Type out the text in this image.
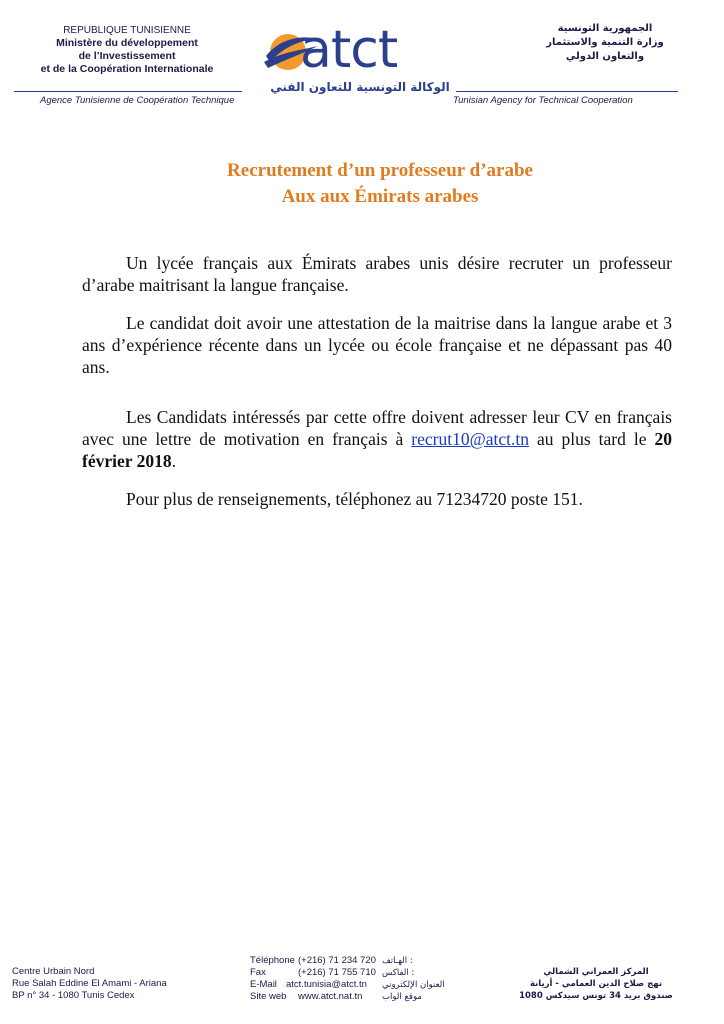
REPUBLIQUE TUNISIENNE
Ministère du développement
de l’Investissement
et de la Coopération Internationale
الجمهورية التونسية
وزارة التنمية والاستثمار
والتعاون الدولي
atct
الوكالة التونسية للتعاون الفني
Agence Tunisienne de Coopération Technique	Tunisian Agency for Technical Cooperation
Recrutement d’un professeur d’arabe
Aux aux Émirats arabes

Un lycée français aux Émirats arabes unis désire recruter un professeur d’arabe maitrisant la langue française.

Le candidat doit avoir une attestation de la maitrise dans la langue arabe et 3 ans d’expérience récente dans un lycée ou école française et ne dépassant pas 40 ans.

Les Candidats intéressés par cette offre doivent adresser leur CV en français avec une lettre de motivation en français à recrut10@atct.tn au plus tard le 20 février 2018.

Pour plus de renseignements, téléphonez au 71234720 poste 151.

Centre Urbain Nord
Rue Salah Eddine El Amami - Ariana
BP n° 34 - 1080 Tunis Cedex
Téléphone (+216) 71 234 720 : الهـاتف
Fax	(+216) 71 755 710 : الفاكس
E-Mail atct.tunisia@atct.tn	العنوان الإلكتروني
Site web	www.atct.nat.tn	موقع الواب
المركز العمراني الشمالي
نهج صلاح الدين العمامي - أريانة
صندوق بريد 34 تونس سيدكس 1080
